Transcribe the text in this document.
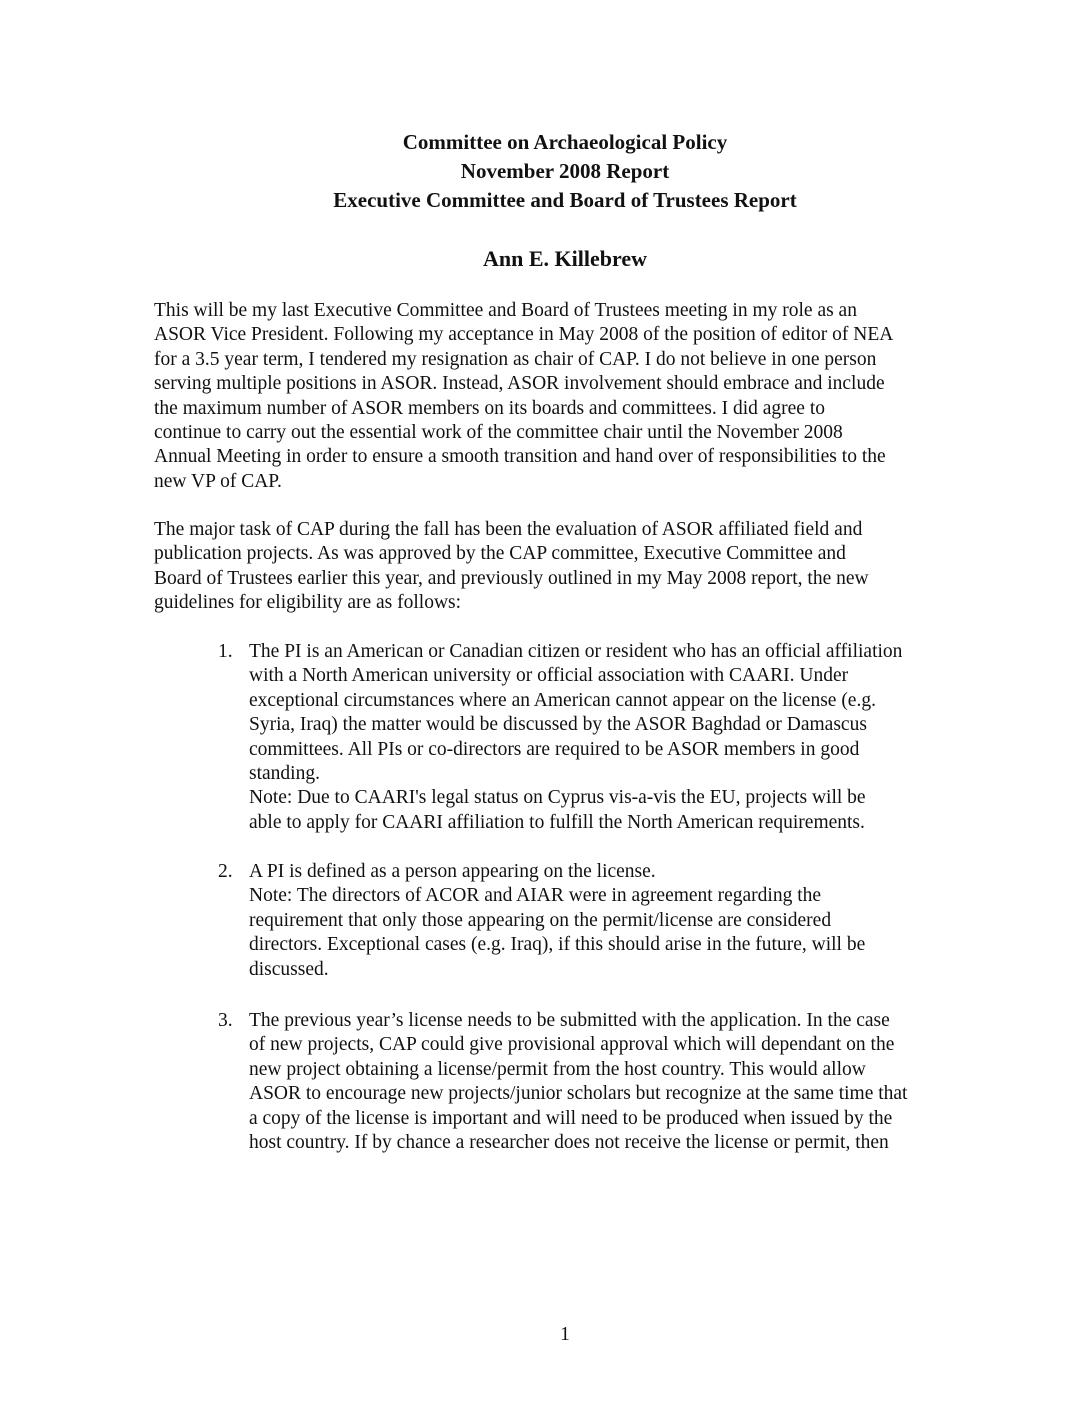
Committee on Archaeological Policy
November 2008 Report
Executive Committee and Board of Trustees Report
Ann E. Killebrew
This will be my last Executive Committee and Board of Trustees meeting in my role as an
ASOR Vice President. Following my acceptance in May 2008 of the position of editor of NEA
for a 3.5 year term, I tendered my resignation as chair of CAP. I do not believe in one person
serving multiple positions in ASOR. Instead, ASOR involvement should embrace and include
the maximum number of ASOR members on its boards and committees. I did agree to
continue to carry out the essential work of the committee chair until the November 2008
Annual Meeting in order to ensure a smooth transition and hand over of responsibilities to the
new VP of CAP.
The major task of CAP during the fall has been the evaluation of ASOR affiliated field and
publication projects. As was approved by the CAP committee, Executive Committee and
Board of Trustees earlier this year, and previously outlined in my May 2008 report, the new
guidelines for eligibility are as follows:
1. The PI is an American or Canadian citizen or resident who has an official affiliation
with a North American university or official association with CAARI. Under
exceptional circumstances where an American cannot appear on the license (e.g.
Syria, Iraq) the matter would be discussed by the ASOR Baghdad or Damascus
committees. All PIs or co-directors are required to be ASOR members in good
standing.
Note: Due to CAARI's legal status on Cyprus vis-a-vis the EU, projects will be
able to apply for CAARI affiliation to fulfill the North American requirements.
2. A PI is defined as a person appearing on the license.
Note: The directors of ACOR and AIAR were in agreement regarding the
requirement that only those appearing on the permit/license are considered
directors. Exceptional cases (e.g. Iraq), if this should arise in the future, will be
discussed.
3. The previous year’s license needs to be submitted with the application. In the case
of new projects, CAP could give provisional approval which will dependant on the
new project obtaining a license/permit from the host country. This would allow
ASOR to encourage new projects/junior scholars but recognize at the same time that
a copy of the license is important and will need to be produced when issued by the
host country. If by chance a researcher does not receive the license or permit, then
1
